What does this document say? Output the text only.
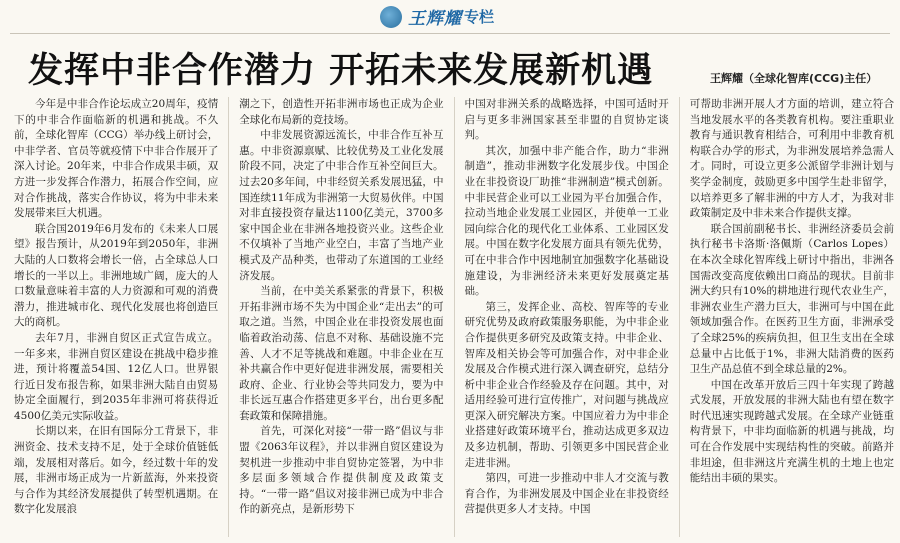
王辉耀 专栏
发挥中非合作潜力 开拓未来发展新机遇	王辉耀（全球化智库(CCG)主任）

今年是中非合作论坛成立20周年，疫情下的中非合作面临新的机遇和挑战。不久前，全球化智库（CCG）举办线上研讨会，中非学者、官员等就疫情下中非合作展开了深入讨论。20年来，中非合作成果丰硕，双方进一步发挥合作潜力，拓展合作空间，应对合作挑战，落实合作协议，将为中非未来发展带来巨大机遇。

联合国2019年6月发布的《未来人口展望》报告预计，从2019年到2050年，非洲大陆的人口数将会增长一倍，占全球总人口增长的一半以上。非洲地域广阔，庞大的人口数量意味着丰富的人力资源和可观的消费潜力，推进城市化、现代化发展也将创造巨大的商机。

去年7月，非洲自贸区正式宣告成立。一年多来，非洲自贸区建设在挑战中稳步推进，预计将覆盖54国、12亿人口。世界银行近日发布报告称，如果非洲大陆自由贸易协定全面履行，到2035年非洲可将获得近4500亿美元实际收益。

长期以来，在旧有国际分工背景下，非洲资金、技术支持不足，处于全球价值链低端，发展相对落后。如今，经过数十年的发展，非洲市场正成为一片新蓝海，外来投资与合作为其经济发展提供了转型机遇期。在数字化发展浪

潮之下，创造性开拓非洲市场也正成为企业全球化布局新的竞技场。

中非发展资源远流长，中非合作互补互惠。中非资源禀赋、比较优势及工业化发展阶段不同，决定了中非合作互补空间巨大。过去20多年间，中非经贸关系发展迅猛，中国连续11年成为非洲第一大贸易伙伴。中国对非直接投资存量达1100亿美元，3700多家中国企业在非洲各地投资兴业。这些企业不仅填补了当地产业空白，丰富了当地产业模式及产品种类，也带动了东道国的工业经济发展。

当前，在中美关系紧张的背景下，积极开拓非洲市场不失为中国企业“走出去”的可取之道。当然，中国企业在非投资发展也面临着政治动荡、信息不对称、基础设施不完善、人才不足等挑战和难题。中非企业在互补共赢合作中更好促进非洲发展，需要相关政府、企业、行业协会等共同发力，要为中非长远互惠合作搭建更多平台，出台更多配套政策和保障措施。

首先，可深化对接“一带一路”倡议与非盟《2063年议程》，并以非洲自贸区建设为契机进一步推动中非自贸协定签署，为中非多层面多领域合作提供制度及政策支持。“一带一路”倡议对接非洲已成为中非合作的新亮点，是新形势下

中国对非洲关系的战略选择，中国可适时开启与更多非洲国家甚至非盟的自贸协定谈判。

其次，加强中非产能合作，助力“非洲制造”，推动非洲数字化发展步伐。中国企业在非投资设厂助推“非洲制造”模式创新。中非民营企业可以工业园为平台加强合作，拉动当地企业发展工业园区，并使单一工业园向综合化的现代化工业体系、工业园区发展。中国在数字化发展方面具有领先优势，可在中非合作中因地制宜加强数字化基础设施建设，为非洲经济未来更好发展奠定基础。

第三，发挥企业、高校、智库等的专业研究优势及政府政策服务职能，为中非企业合作提供更多研究及政策支持。中非企业、智库及相关协会等可加强合作，对中非企业发展及合作模式进行深入调查研究，总结分析中非企业合作经验及存在问题。其中，对适用经验可进行宣传推广，对问题与挑战应更深入研究解决方案。中国应着力为中非企业搭建好政策环境平台，推动达成更多双边及多边机制，帮助、引领更多中国民营企业走进非洲。

第四，可进一步推动中非人才交流与教育合作，为非洲发展及中国企业在非投资经营提供更多人才支持。中国

可帮助非洲开展人才方面的培训，建立符合当地发展水平的各类教育机构。要注重职业教育与通识教育相结合，可利用中非教育机构联合办学的形式，为非洲发展培养急需人才。同时，可设立更多公派留学非洲计划与奖学金制度，鼓励更多中国学生赴非留学，以培养更多了解非洲的中方人才，为我对非政策制定及中非未来合作提供支撑。

联合国前副秘书长、非洲经济委员会前执行秘书卡洛斯·洛佩斯（Carlos Lopes）在本次全球化智库线上研讨中指出，非洲各国需改变高度依赖出口商品的现状。目前非洲大约只有10%的耕地进行现代农业生产，非洲农业生产潜力巨大，非洲可与中国在此领域加强合作。在医药卫生方面，非洲承受了全球25%的疾病负担，但卫生支出在全球总量中占比低于1%，非洲大陆消费的医药卫生产品总值不到全球总量的2%。

中国在改革开放后三四十年实现了跨越式发展，开放发展的非洲大陆也有望在数字时代迅速实现跨越式发展。在全球产业链重构背景下，中非均面临新的机遇与挑战，均可在合作发展中实现结构性的突破。前路并非坦途，但非洲这片充满生机的土地上也定能结出丰硕的果实。
